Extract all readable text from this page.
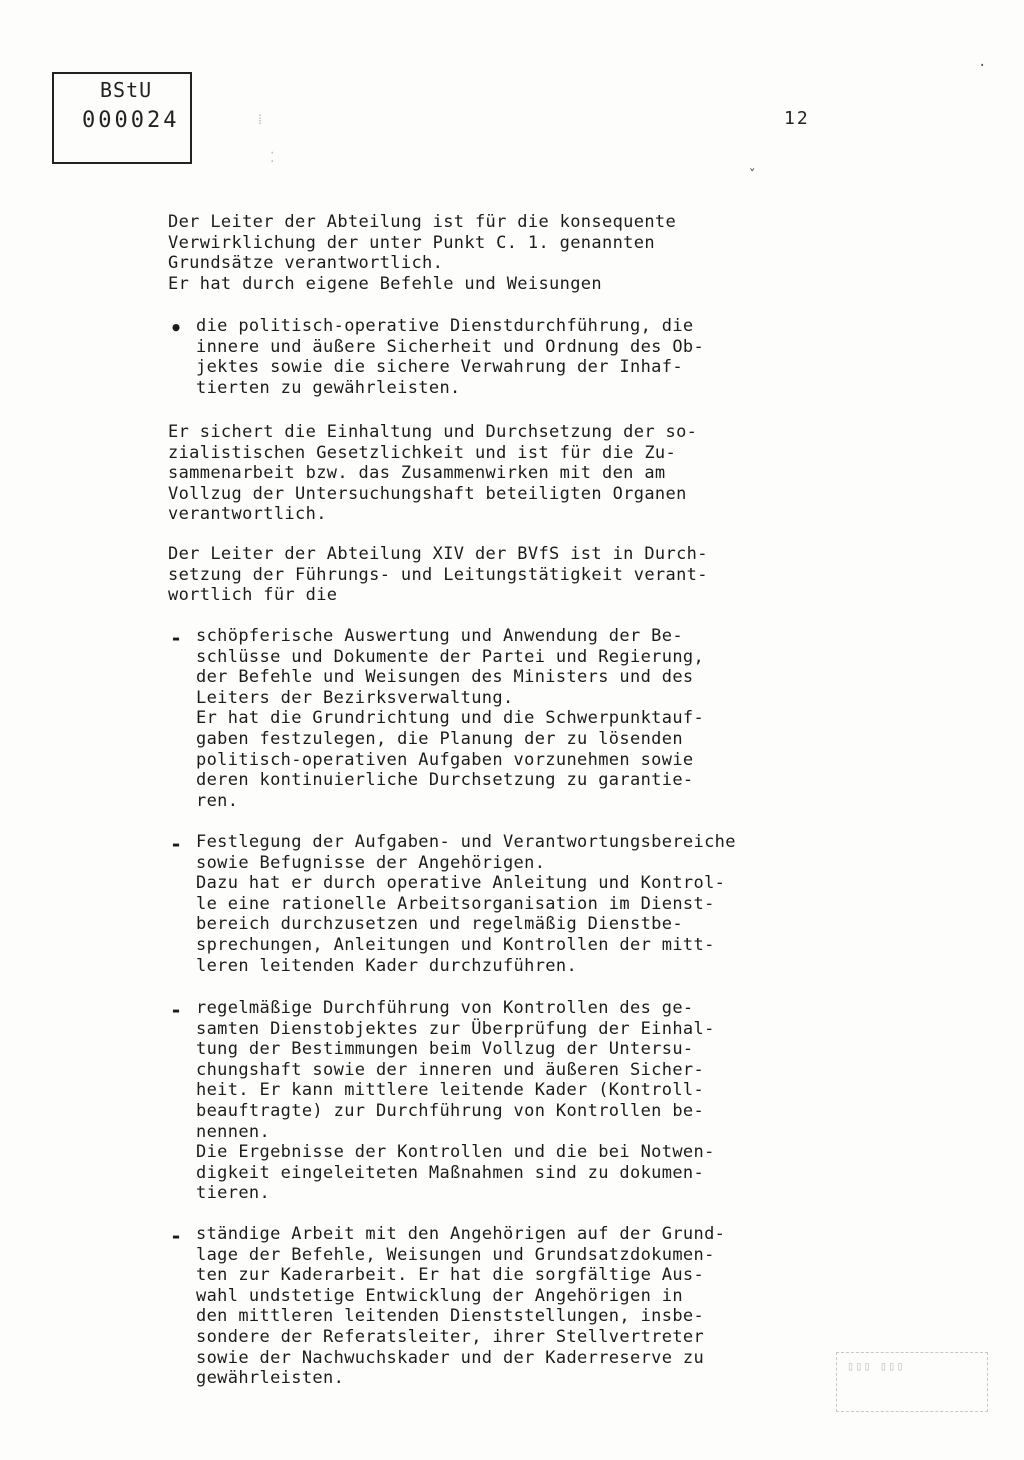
BStU
000024	⁞
⁚
ˇ
·
12
Der Leiter der Abteilung ist für die konsequente
Verwirklichung der unter Punkt C. 1. genannten
Grundsätze verantwortlich.
Er hat durch eigene Befehle und Weisungen
• die politisch-operative Dienstdurchführung, die
innere und äußere Sicherheit und Ordnung des Ob-
jektes sowie die sichere Verwahrung der Inhaf-
tierten zu gewährleisten.
Er sichert die Einhaltung und Durchsetzung der so-
zialistischen Gesetzlichkeit und ist für die Zu-
sammenarbeit bzw. das Zusammenwirken mit den am
Vollzug der Untersuchungshaft beteiligten Organen
verantwortlich.
Der Leiter der Abteilung XIV der BVfS ist in Durch-
setzung der Führungs- und Leitungstätigkeit verant-
wortlich für die
- schöpferische Auswertung und Anwendung der Be-
schlüsse und Dokumente der Partei und Regierung,
der Befehle und Weisungen des Ministers und des
Leiters der Bezirksverwaltung.
Er hat die Grundrichtung und die Schwerpunktauf-
gaben festzulegen, die Planung der zu lösenden
politisch-operativen Aufgaben vorzunehmen sowie
deren kontinuierliche Durchsetzung zu garantie-
ren.
- Festlegung der Aufgaben- und Verantwortungsbereiche
sowie Befugnisse der Angehörigen.
Dazu hat er durch operative Anleitung und Kontrol-
le eine rationelle Arbeitsorganisation im Dienst-
bereich durchzusetzen und regelmäßig Dienstbe-
sprechungen, Anleitungen und Kontrollen der mitt-
leren leitenden Kader durchzuführen.
- regelmäßige Durchführung von Kontrollen des ge-
samten Dienstobjektes zur Überprüfung der Einhal-
tung der Bestimmungen beim Vollzug der Untersu-
chungshaft sowie der inneren und äußeren Sicher-
heit. Er kann mittlere leitende Kader (Kontroll-
beauftragte) zur Durchführung von Kontrollen be-
nennen.
Die Ergebnisse der Kontrollen und die bei Notwen-
digkeit eingeleiteten Maßnahmen sind zu dokumen-
tieren.
- ständige Arbeit mit den Angehörigen auf der Grund-
lage der Befehle, Weisungen und Grundsatzdokumen-
ten zur Kaderarbeit. Er hat die sorgfältige Aus-
wahl undstetige Entwicklung der Angehörigen in
den mittleren leitenden Dienststellungen, insbe-
sondere der Referatsleiter, ihrer Stellvertreter
sowie der Nachwuchskader und der Kaderreserve zu
gewährleisten.
▯▯▯ ▯▯▯
